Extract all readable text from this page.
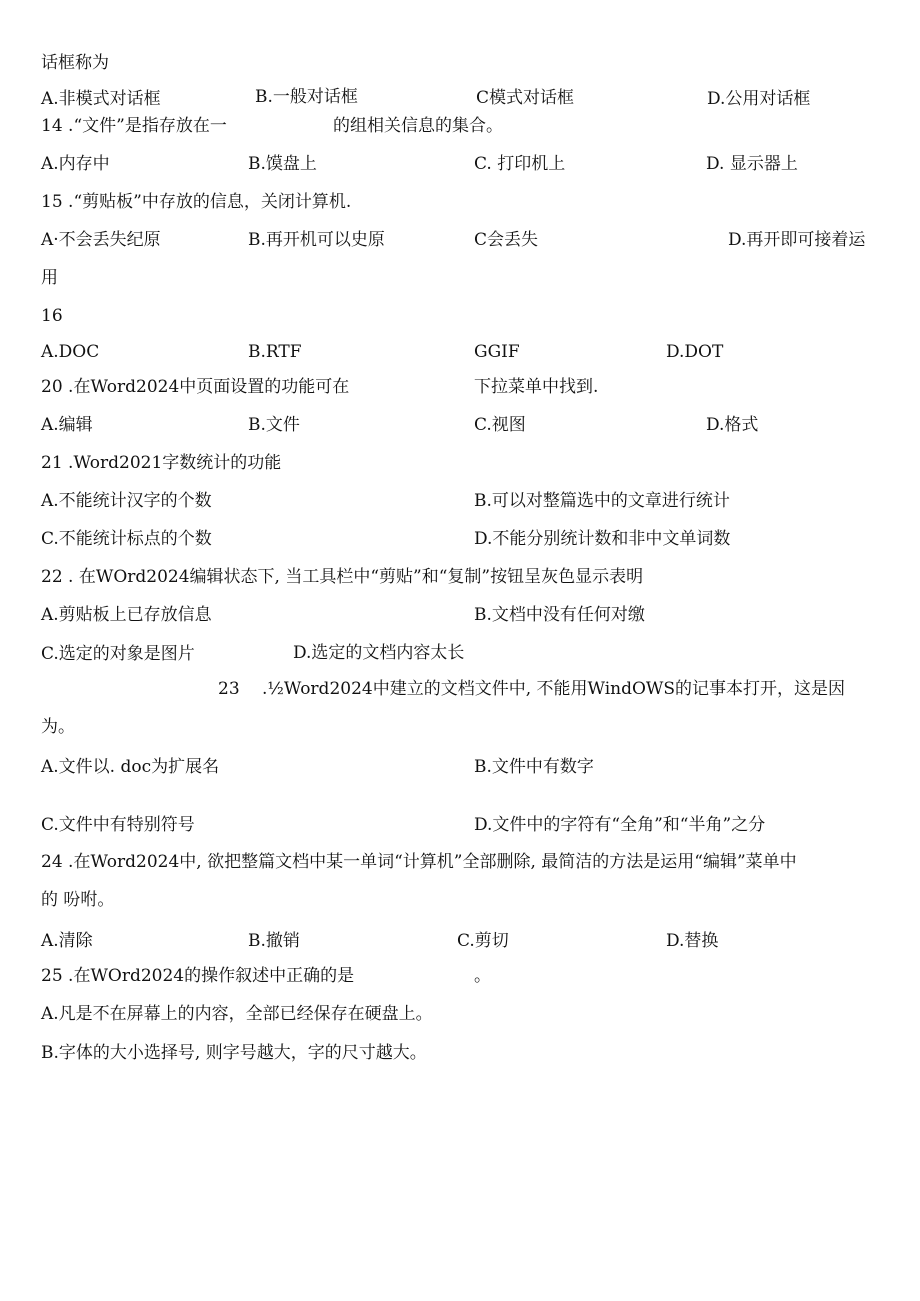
话框称为
A.非模式对话框	B.一般对话框	C模式对话框	D.公用对话框
14 .“文件”是指存放在一	的组相关信息的集合。
A.内存中	B.馍盘上	C. 打印机上	D. 显示器上
15 .“剪贴板”中存放的信息，关闭计算机.
A·不会丢失纪原	B.再开机可以史原	C会丢失	D.再开即可接着运
用
16
A.DOC	B.RTF	GGIF	D.DOT
20 .在Word2024中页面设置的功能可在	下拉菜单中找到.
A.编辑	B.文件	C.视图	D.格式
21 .Word2021字数统计的功能
A.不能统计汉字的个数	B.可以对整篇选中的文章进行统计
C.不能统计标点的个数	D.不能分别统计数和非中文单词数
22 . 在WOrd2024编辑状态下, 当工具栏中“剪贴”和“复制”按钮呈灰色显示表明
A.剪贴板上已存放信息	B.文档中没有任何对缴
C.选定的对象是图片	D.选定的文档内容太长
23 .½Word2024中建立的文档文件中, 不能用WindOWS的记事本打开，这是因
为。
A.文件以. doc为扩展名	B.文件中有数字
C.文件中有特别符号	D.文件中的字符有“全角”和“半角”之分
24 .在Word2024中, 欲把整篇文档中某一单词“计算机”全部删除, 最简洁的方法是运用“编辑”菜单中
的 吩咐。
A.清除	B.撤销	C.剪切	D.替换
25 .在WOrd2024的操作叙述中正确的是	。
A.凡是不在屏幕上的内容，全部已经保存在硬盘上。
B.字体的大小选择号, 则字号越大，字的尺寸越大。
